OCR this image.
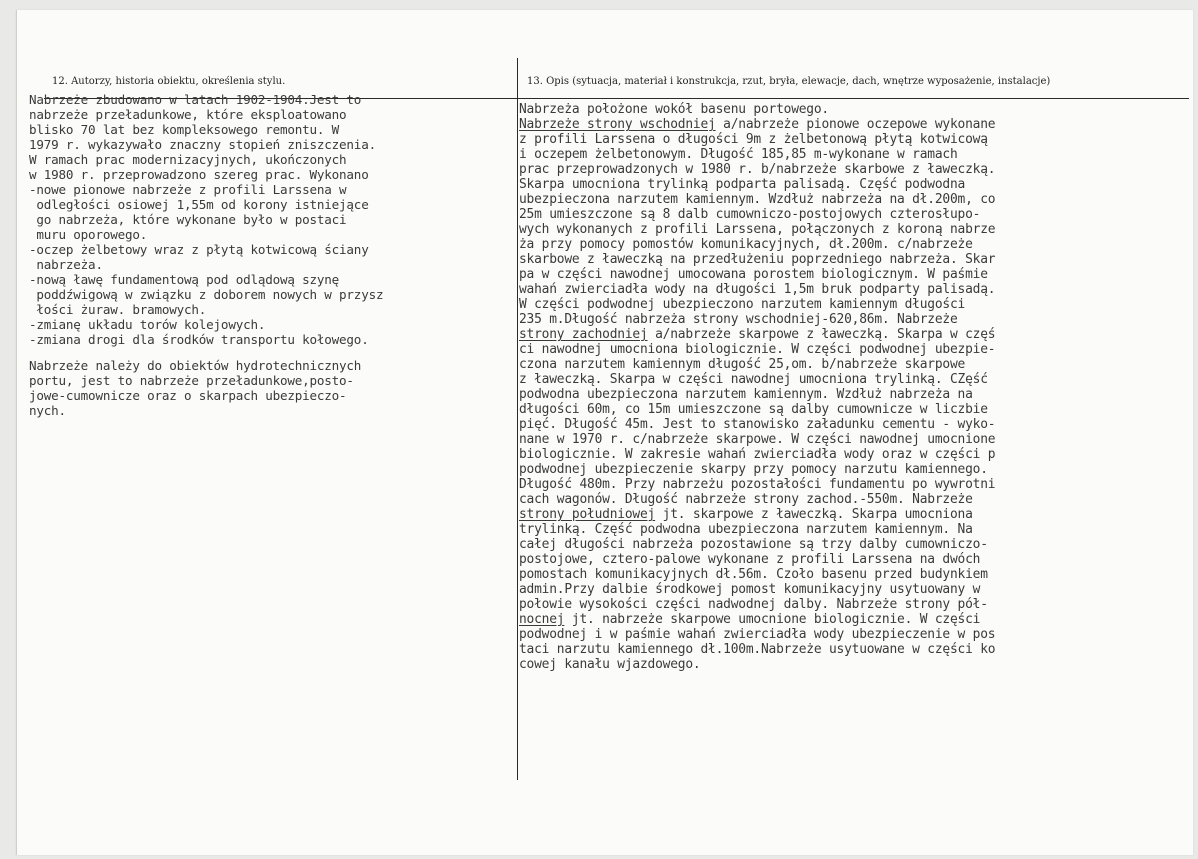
12. Autorzy, historia obiektu, określenia stylu.	13. Opis (sytuacja, materiał i konstrukcja, rzut, bryła, elewacje, dach, wnętrze wyposażenie, instalacje)
Nabrzeże zbudowano w latach 1902-1904.Jest to
nabrzeże przeładunkowe, które eksploatowano
blisko 70 lat bez kompleksowego remontu. W
1979 r. wykazywało znaczny stopień zniszczenia.
W ramach prac modernizacyjnych, ukończonych
w 1980 r. przeprowadzono szereg prac. Wykonano
-nowe pionowe nabrzeże z profili Larssena w
odległości osiowej 1,55m od korony istniejące
go nabrzeża, które wykonane było w postaci
muru oporowego.
-oczep żelbetowy wraz z płytą kotwicową ściany
nabrzeża.
-nową ławę fundamentową pod odlądową szynę
poddźwigową w związku z doborem nowych w przysz
łości żuraw. bramowych.
-zmianę układu torów kolejowych.
-zmiana drogi dla środków transportu kołowego.
Nabrzeże należy do obiektów hydrotechnicznych
portu, jest to nabrzeże przeładunkowe,posto-
jowe-cumownicze oraz o skarpach ubezpieczo-
nych.
Nabrzeża położone wokół basenu portowego.
Nabrzeże strony wschodniej a/nabrzeże pionowe oczepowe wykonane
z profili Larssena o długości 9m z żelbetonową płytą kotwicową
i oczepem żelbetonowym. Długość 185,85 m-wykonane w ramach
prac przeprowadzonych w 1980 r. b/nabrzeże skarbowe z ławeczką.
Skarpa umocniona trylinką podparta palisadą. Część podwodna
ubezpieczona narzutem kamiennym. Wzdłuż nabrzeża na dł.200m, co
25m umieszczone są 8 dalb cumowniczo-postojowych czterosłupo-
wych wykonanych z profili Larssena, połączonych z koroną nabrze
ża przy pomocy pomostów komunikacyjnych, dł.200m. c/nabrzeże
skarbowe z ławeczką na przedłużeniu poprzedniego nabrzeża. Skar
pa w części nawodnej umocowana porostem biologicznym. W paśmie
wahań zwierciadła wody na długości 1,5m bruk podparty palisadą.
W części podwodnej ubezpieczono narzutem kamiennym długości
235 m.Długość nabrzeża strony wschodniej-620,86m. Nabrzeże
strony zachodniej a/nabrzeże skarpowe z ławeczką. Skarpa w częś
ci nawodnej umocniona biologicznie. W części podwodnej ubezpie-
czona narzutem kamiennym długość 25,om. b/nabrzeże skarpowe
z ławeczką. Skarpa w części nawodnej umocniona trylinką. CZęść
podwodna ubezpieczona narzutem kamiennym. Wzdłuż nabrzeża na
długości 60m, co 15m umieszczone są dalby cumownicze w liczbie
pięć. Długość 45m. Jest to stanowisko załadunku cementu - wyko-
nane w 1970 r. c/nabrzeże skarpowe. W części nawodnej umocnione
biologicznie. W zakresie wahań zwierciadła wody oraz w części p
podwodnej ubezpieczenie skarpy przy pomocy narzutu kamiennego.
Długość 480m. Przy nabrzeżu pozostałości fundamentu po wywrotni
cach wagonów. Długość nabrzeże strony zachod.-550m. Nabrzeże
strony południowej jt. skarpowe z ławeczką. Skarpa umocniona
trylinką. Część podwodna ubezpieczona narzutem kamiennym. Na
całej długości nabrzeża pozostawione są trzy dalby cumowniczo-
postojowe, cztero-palowe wykonane z profili Larssena na dwóch
pomostach komunikacyjnych dł.56m. Czoło basenu przed budynkiem
admin.Przy dalbie środkowej pomost komunikacyjny usytuowany w
połowie wysokości części nadwodnej dalby. Nabrzeże strony pół-
nocnej jt. nabrzeże skarpowe umocnione biologicznie. W części
podwodnej i w paśmie wahań zwierciadła wody ubezpieczenie w pos
taci narzutu kamiennego dł.100m.Nabrzeże usytuowane w części ko
cowej kanału wjazdowego.
